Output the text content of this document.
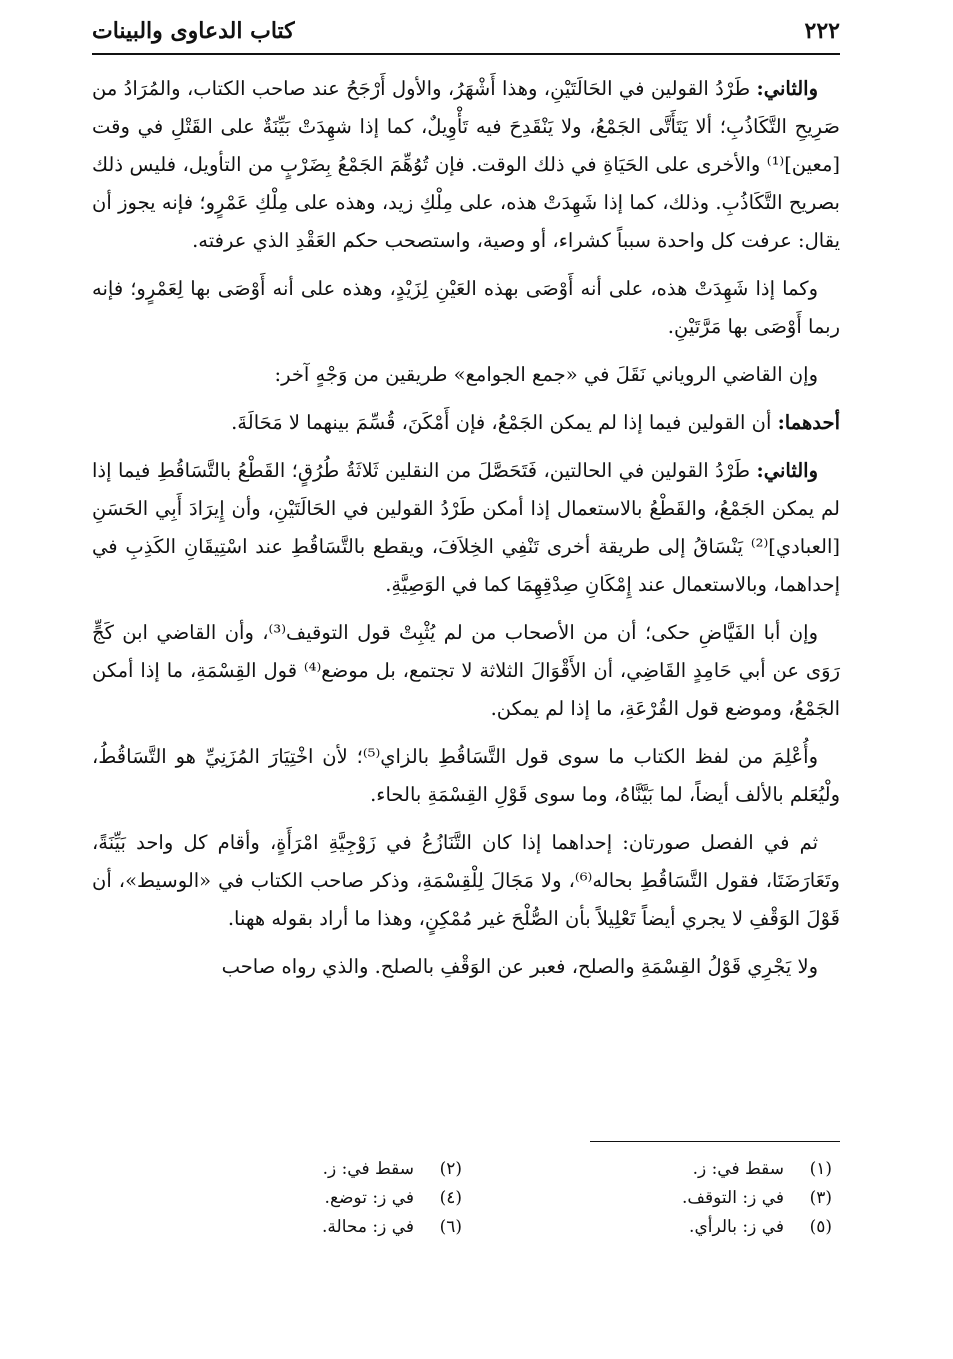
٢٢٢
كتاب الدعاوى والبينات

والثاني: طَرْدُ القولين في الحَالَتَيْنِ، وهذا أَشْهَرُ، والأول أَرْجَحُ عند صاحب الكتاب، والمُرَادُ من صَرِيحِ التَّكَاذُبِ؛ ألا يَتَأَتَّى الجَمْعُ، ولا يَنْقَدِحَ فيه تَأْوِيلٌ، كما إذا شهِدَتْ بَيِّنَةٌ على القَتْلِ في وقت [معين]⁽¹⁾ والأخرى على الحَيَاةِ في ذلك الوقت. فإن تُوُهِّمَ الجَمْعُ بِضَرْبٍ من التأويل، فليس ذلك بصريح التَّكَاذُبِ. وذلك، كما إذا شَهِدَتْ هذه، على مِلْكِ زيد، وهذه على مِلْكِ عَمْرٍو؛ فإنه يجوز أن يقال: عرفت كل واحدة سبباً كشراء، أو وصية، واستصحب حكم العَقْدِ الذي عرفته.

وكما إذا شَهِدَتْ هذه، على أنه أَوْصَى بهذه العَيْنِ لِزَيْدٍ، وهذه على أنه أَوْصَى بها لِعَمْرٍو؛ فإنه ربما أَوْصَى بها مَرَّتَيْنِ.

وإن القاضي الروياني نَقَلَ في «جمع الجوامع» طريقين من وَجْهٍ آخر:

أحدهما: أن القولين فيما إذا لم يمكن الجَمْعُ، فإن أَمْكَنَ، قُسِّمَ بينهما لا مَحَالَةَ.

والثاني: طَرْدُ القولين في الحالتين، فَتَحَصَّلَ من النقلين ثَلاثَةُ طُرُقٍ؛ القَطْعُ بالتَّسَاقُطِ فيما إذا لم يمكن الجَمْعُ، والقَطْعُ بالاستعمال إذا أمكن طَرْدُ القولين في الحَالَتَيْنِ، وأن إِيرَادَ أَبِي الحَسَنِ [العبادي]⁽²⁾ يَنْسَاقُ إلى طريقة أخرى تَنْفِي الخِلاَفَ، ويقطع بالتَّسَاقُطِ عند اسْتِيقَانِ الكَذِبِ في إحداهما، وبالاستعمال عند إِمْكَانِ صِدْقِهِمَا كما في الوَصِيَّةِ.

وإن أبا الفَيَّاضِ حكى؛ أن من الأصحاب من لم يُثْبِتْ قول التوقيف⁽³⁾، وأن القاضي ابن كَجٍّ رَوَى عن أبي حَامِدٍ القَاضِي، أن الأَقْوَالَ الثلاثة لا تجتمع، بل موضع⁽⁴⁾ قول القِسْمَةِ، ما إذا أمكن الجَمْعُ، وموضع قول القُرْعَةِ، ما إذا لم يمكن.

وأُعْلِمَ من لفظ الكتاب ما سوى قول التَّسَاقُطِ بالزاي⁽⁵⁾؛ لأن اخْتِيَارَ المُزَنِيِّ هو التَّسَاقُطُ، ولْيُعَلم بالألف أيضاً، لما بَيَّنَّاهُ، وما سوى قَوْلِ القِسْمَةِ بالحاء.

ثم في الفصل صورتان: إحداهما إذا كان التَّنَازُعُ في زَوْجِيَّةِ امْرَأَةٍ، وأقام كل واحد بَيِّنَةً، وتَعَارَضَتَا، فقول التَّسَاقُطِ بحاله⁽⁶⁾، ولا مَجَالَ لِلْقِسْمَةِ، وذكر صاحب الكتاب في «الوسيط»، أن قَوْلَ الوَقْفِ لا يجري أيضاً تَعْلِيلاً بأن الصُّلْحَ غير مُمْكِنٍ، وهذا ما أراد بقوله ههنا.

ولا يَجْرِي قَوْلُ القِسْمَةِ والصلح، فعبر عن الوَقْفِ بالصلح. والذي رواه صاحب

(١)
سقط في: ز.
(٢)
سقط في: ز.
(٣)
في ز: التوقف.
(٤)
في ز: توضع.
(٥)
في ز: بالرأي.
(٦)
في ز: محالة.
